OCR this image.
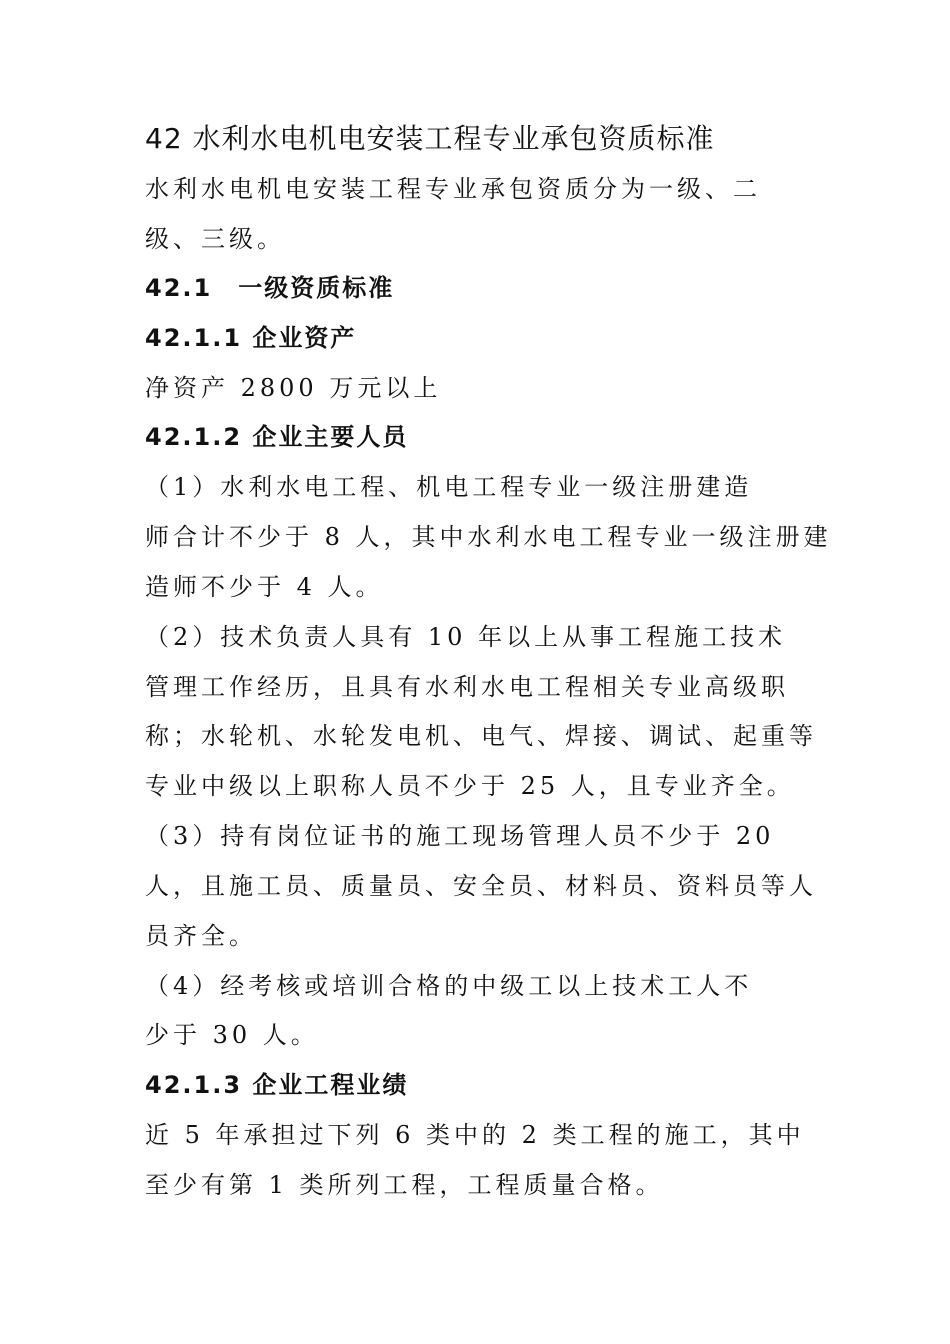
42 水利水电机电安装工程专业承包资质标准
水利水电机电安装工程专业承包资质分为一级、二
级、三级。
42.1　一级资质标准
42.1.1 企业资产
净资产 2800 万元以上
42.1.2 企业主要人员
（1）水利水电工程、机电工程专业一级注册建造
师合计不少于 8 人，其中水利水电工程专业一级注册建
造师不少于 4 人。
（2）技术负责人具有 10 年以上从事工程施工技术
管理工作经历，且具有水利水电工程相关专业高级职
称；水轮机、水轮发电机、电气、焊接、调试、起重等
专业中级以上职称人员不少于 25 人，且专业齐全。
（3）持有岗位证书的施工现场管理人员不少于 20
人，且施工员、质量员、安全员、材料员、资料员等人
员齐全。
（4）经考核或培训合格的中级工以上技术工人不
少于 30 人。
42.1.3 企业工程业绩
近 5 年承担过下列 6 类中的 2 类工程的施工，其中
至少有第 1 类所列工程，工程质量合格。
